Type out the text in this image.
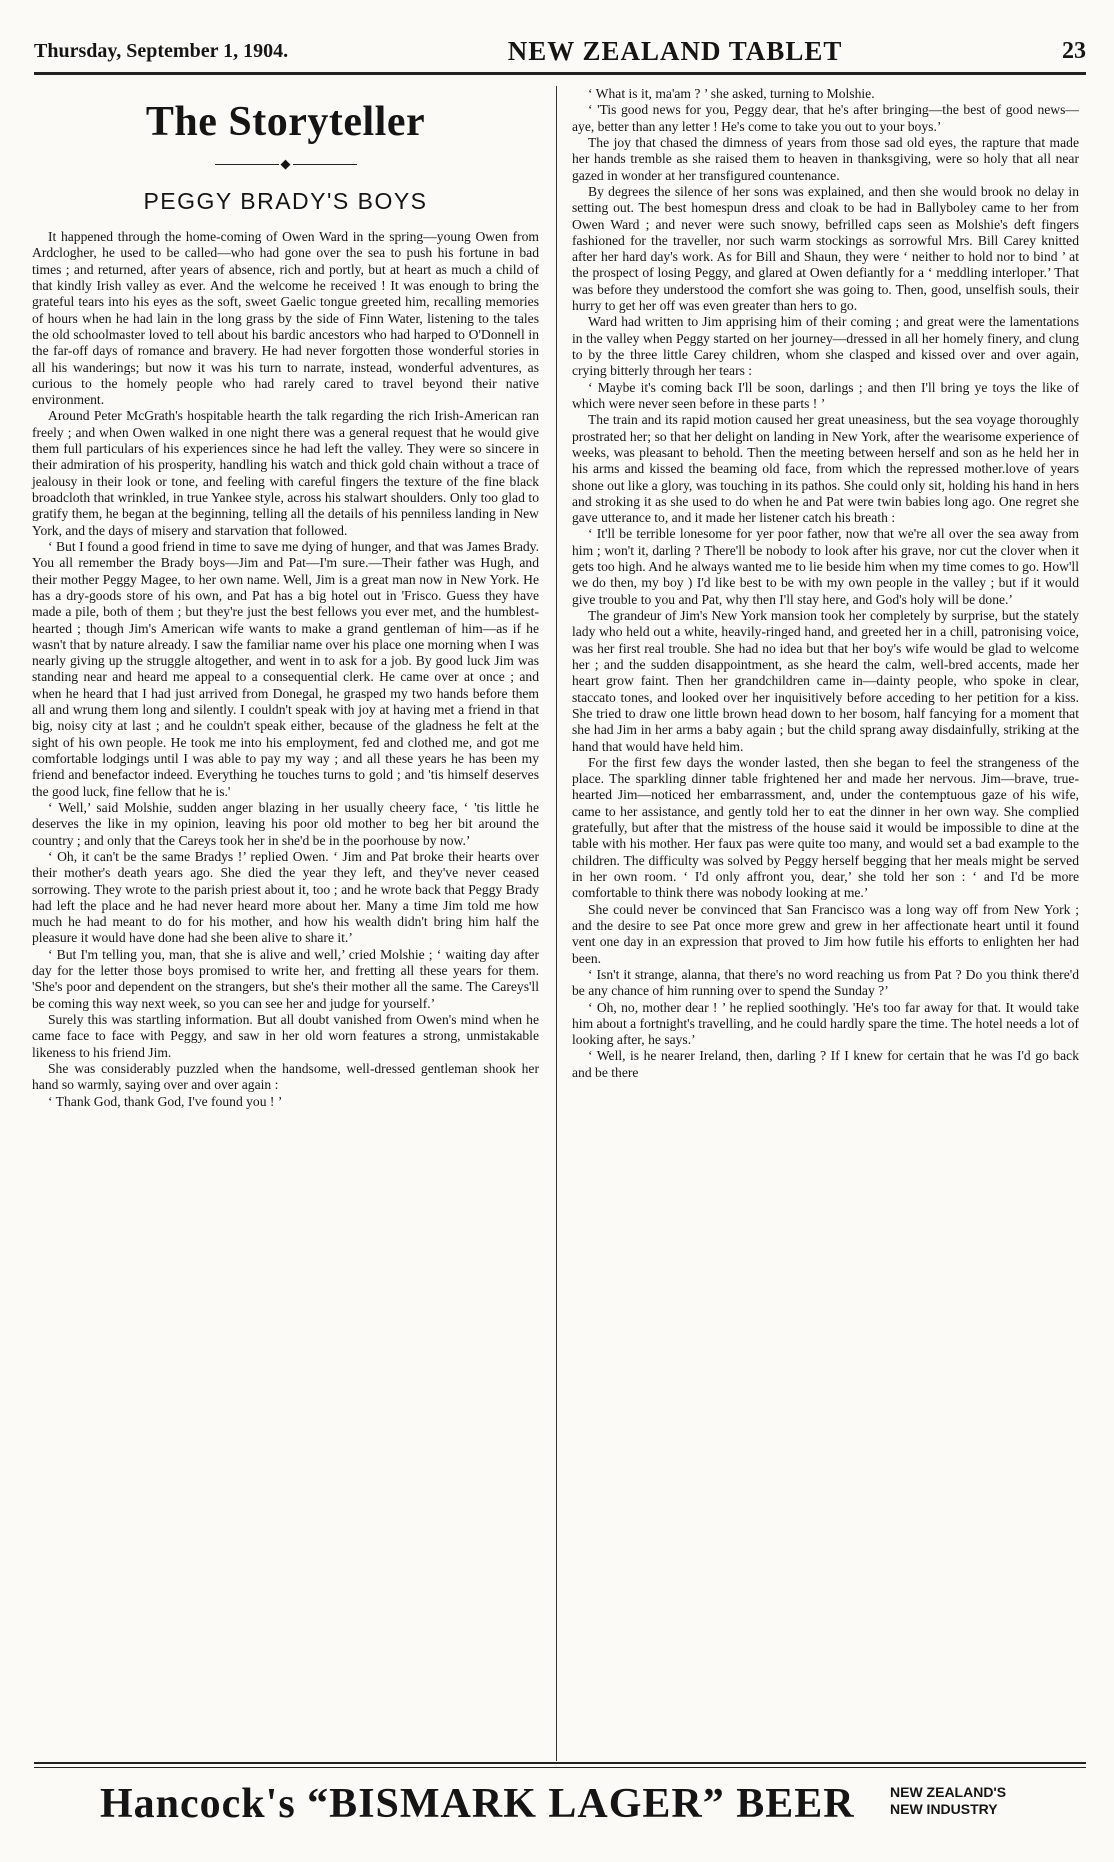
Thursday, September 1, 1904.	NEW ZEALAND TABLET	23
The Storyteller
◆
PEGGY BRADY'S BOYS

It happened through the home-coming of Owen Ward in the spring—young Owen from Ardclogher, he used to be called—who had gone over the sea to push his fortune in bad times ; and returned, after years of absence, rich and portly, but at heart as much a child of that kindly Irish valley as ever. And the welcome he received ! It was enough to bring the grateful tears into his eyes as the soft, sweet Gaelic tongue greeted him, recalling memories of hours when he had lain in the long grass by the side of Finn Water, listening to the tales the old schoolmaster loved to tell about his bardic ancestors who had harped to O'Donnell in the far-off days of romance and bravery. He had never forgotten those wonderful stories in all his wanderings; but now it was his turn to narrate, instead, wonderful adventures, as curious to the homely people who had rarely cared to travel beyond their native environment.

Around Peter McGrath's hospitable hearth the talk regarding the rich Irish-American ran freely ; and when Owen walked in one night there was a general request that he would give them full particulars of his experiences since he had left the valley. They were so sincere in their admiration of his prosperity, handling his watch and thick gold chain without a trace of jealousy in their look or tone, and feeling with careful fingers the texture of the fine black broadcloth that wrinkled, in true Yankee style, across his stalwart shoulders. Only too glad to gratify them, he began at the beginning, telling all the details of his penniless landing in New York, and the days of misery and starvation that followed.

‘ But I found a good friend in time to save me dying of hunger, and that was James Brady. You all remember the Brady boys—Jim and Pat—I'm sure.—Their father was Hugh, and their mother Peggy Magee, to her own name. Well, Jim is a great man now in New York. He has a dry-goods store of his own, and Pat has a big hotel out in 'Frisco. Guess they have made a pile, both of them ; but they're just the best fellows you ever met, and the humblest-hearted ; though Jim's American wife wants to make a grand gentleman of him—as if he wasn't that by nature already. I saw the familiar name over his place one morning when I was nearly giving up the struggle altogether, and went in to ask for a job. By good luck Jim was standing near and heard me appeal to a consequential clerk. He came over at once ; and when he heard that I had just arrived from Donegal, he grasped my two hands before them all and wrung them long and silently. I couldn't speak with joy at having met a friend in that big, noisy city at last ; and he couldn't speak either, because of the gladness he felt at the sight of his own people. He took me into his employment, fed and clothed me, and got me comfortable lodgings until I was able to pay my way ; and all these years he has been my friend and benefactor indeed. Everything he touches turns to gold ; and 'tis himself deserves the good luck, fine fellow that he is.'

‘ Well,’ said Molshie, sudden anger blazing in her usually cheery face, ‘ 'tis little he deserves the like in my opinion, leaving his poor old mother to beg her bit around the country ; and only that the Careys took her in she'd be in the poorhouse by now.’

‘ Oh, it can't be the same Bradys !’ replied Owen. ‘ Jim and Pat broke their hearts over their mother's death years ago. She died the year they left, and they've never ceased sorrowing. They wrote to the parish priest about it, too ; and he wrote back that Peggy Brady had left the place and he had never heard more about her. Many a time Jim told me how much he had meant to do for his mother, and how his wealth didn't bring him half the pleasure it would have done had she been alive to share it.’

‘ But I'm telling you, man, that she is alive and well,’ cried Molshie ; ‘ waiting day after day for the letter those boys promised to write her, and fretting all these years for them. 'She's poor and dependent on the strangers, but she's their mother all the same. The Careys'll be coming this way next week, so you can see her and judge for yourself.’

Surely this was startling information. But all doubt vanished from Owen's mind when he came face to face with Peggy, and saw in her old worn features a strong, unmistakable likeness to his friend Jim.

She was considerably puzzled when the handsome, well-dressed gentleman shook her hand so warmly, saying over and over again :

‘ Thank God, thank God, I've found you ! ’

‘ What is it, ma'am ? ’ she asked, turning to Molshie.

‘ 'Tis good news for you, Peggy dear, that he's after bringing—the best of good news—aye, better than any letter ! He's come to take you out to your boys.’

The joy that chased the dimness of years from those sad old eyes, the rapture that made her hands tremble as she raised them to heaven in thanksgiving, were so holy that all near gazed in wonder at her transfigured countenance.

By degrees the silence of her sons was explained, and then she would brook no delay in setting out. The best homespun dress and cloak to be had in Ballyboley came to her from Owen Ward ; and never were such snowy, befrilled caps seen as Molshie's deft fingers fashioned for the traveller, nor such warm stockings as sorrowful Mrs. Bill Carey knitted after her hard day's work. As for Bill and Shaun, they were ‘ neither to hold nor to bind ’ at the prospect of losing Peggy, and glared at Owen defiantly for a ‘ meddling interloper.’ That was before they understood the comfort she was going to. Then, good, unselfish souls, their hurry to get her off was even greater than hers to go.

Ward had written to Jim apprising him of their coming ; and great were the lamentations in the valley when Peggy started on her journey—dressed in all her homely finery, and clung to by the three little Carey children, whom she clasped and kissed over and over again, crying bitterly through her tears :

‘ Maybe it's coming back I'll be soon, darlings ; and then I'll bring ye toys the like of which were never seen before in these parts ! ’

The train and its rapid motion caused her great uneasiness, but the sea voyage thoroughly prostrated her; so that her delight on landing in New York, after the wearisome experience of weeks, was pleasant to behold. Then the meeting between herself and son as he held her in his arms and kissed the beaming old face, from which the repressed mother.love of years shone out like a glory, was touching in its pathos. She could only sit, holding his hand in hers and stroking it as she used to do when he and Pat were twin babies long ago. One regret she gave utterance to, and it made her listener catch his breath :

‘ It'll be terrible lonesome for yer poor father, now that we're all over the sea away from him ; won't it, darling ? There'll be nobody to look after his grave, nor cut the clover when it gets too high. And he always wanted me to lie beside him when my time comes to go. How'll we do then, my boy ) I'd like best to be with my own people in the valley ; but if it would give trouble to you and Pat, why then I'll stay here, and God's holy will be done.’

The grandeur of Jim's New York mansion took her completely by surprise, but the stately lady who held out a white, heavily-ringed hand, and greeted her in a chill, patronising voice, was her first real trouble. She had no idea but that her boy's wife would be glad to welcome her ; and the sudden disappointment, as she heard the calm, well-bred accents, made her heart grow faint. Then her grandchildren came in—dainty people, who spoke in clear, staccato tones, and looked over her inquisitively before acceding to her petition for a kiss. She tried to draw one little brown head down to her bosom, half fancying for a moment that she had Jim in her arms a baby again ; but the child sprang away disdainfully, striking at the hand that would have held him.

For the first few days the wonder lasted, then she began to feel the strangeness of the place. The sparkling dinner table frightened her and made her nervous. Jim—brave, true-hearted Jim—noticed her embarrassment, and, under the contemptuous gaze of his wife, came to her assistance, and gently told her to eat the dinner in her own way. She complied gratefully, but after that the mistress of the house said it would be impossible to dine at the table with his mother. Her faux pas were quite too many, and would set a bad example to the children. The difficulty was solved by Peggy herself begging that her meals might be served in her own room. ‘ I'd only affront you, dear,’ she told her son : ‘ and I'd be more comfortable to think there was nobody looking at me.’

She could never be convinced that San Francisco was a long way off from New York ; and the desire to see Pat once more grew and grew in her affectionate heart until it found vent one day in an expression that proved to Jim how futile his efforts to enlighten her had been.

‘ Isn't it strange, alanna, that there's no word reaching us from Pat ? Do you think there'd be any chance of him running over to spend the Sunday ?’

‘ Oh, no, mother dear ! ’ he replied soothingly. 'He's too far away for that. It would take him about a fortnight's travelling, and he could hardly spare the time. The hotel needs a lot of looking after, he says.’

‘ Well, is he nearer Ireland, then, darling ? If I knew for certain that he was I'd go back and be there

Hancock's “BISMARK LAGER” BEER	NEW ZEALAND'S
NEW INDUSTRY
